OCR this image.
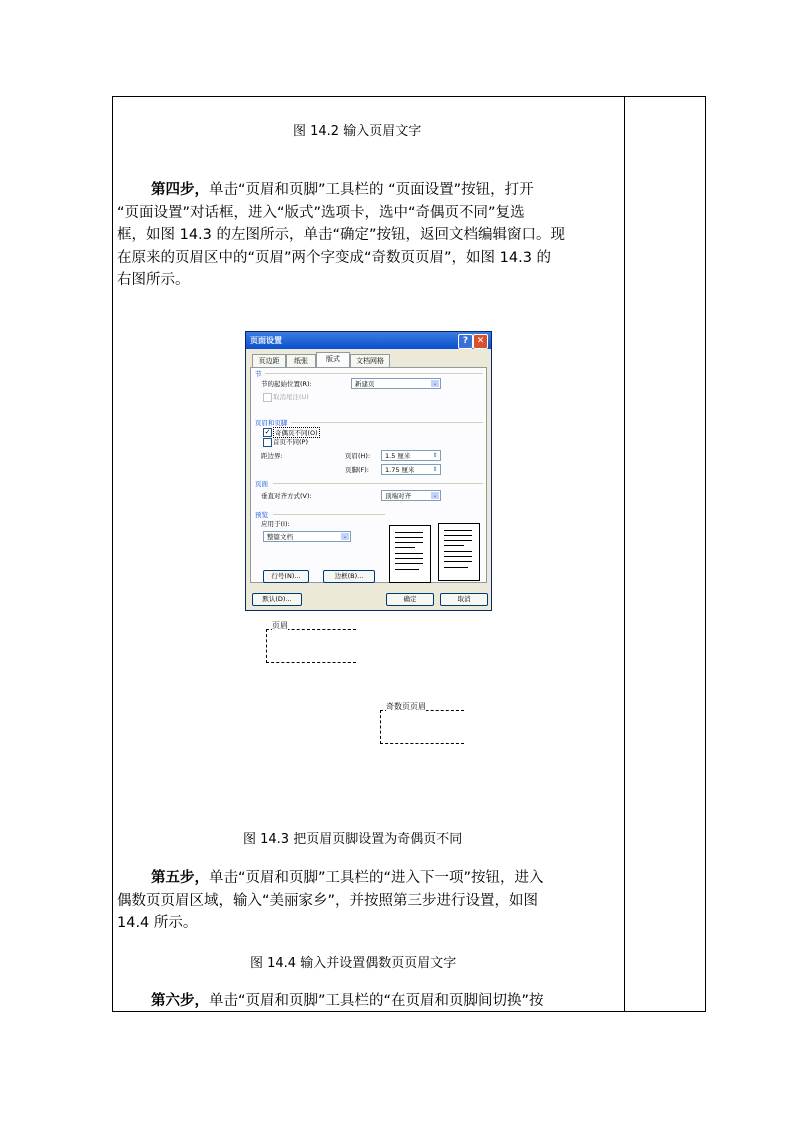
图 14.2 输入页眉文字
第四步，单击“页眉和页脚”工具栏的 “页面设置”按钮，打开
“页面设置”对话框，进入“版式”选项卡，选中“奇偶页不同”复选
框，如图 14.3 的左图所示，单击“确定”按钮，返回文档编辑窗口。现
在原来的页眉区中的“页眉”两个字变成“奇数页页眉”，如图 14.3 的
右图所示。
页面设置	? ✕
页边距	纸张	版式	文档网格
节
节的起始位置(R):	新建页	⌄
取消尾注(U)
页眉和页脚
✓ 奇偶页不同(O)
首页不同(P)
距边界:	页眉(H):	1.5 厘米	⇕
页脚(F):	1.75 厘米	⇕
页面
垂直对齐方式(V):	顶端对齐	⌄
预览
应用于(I):
整篇文档	⌄
行号(N)...	边框(B)...
默认(D)...	确定	取消
页眉
奇数页页眉
图 14.3 把页眉页脚设置为奇偶页不同
第五步，单击“页眉和页脚”工具栏的“进入下一项”按钮，进入
偶数页页眉区域，输入“美丽家乡”，并按照第三步进行设置，如图
14.4 所示。
图 14.4 输入并设置偶数页页眉文字
第六步，单击“页眉和页脚”工具栏的“在页眉和页脚间切换”按
